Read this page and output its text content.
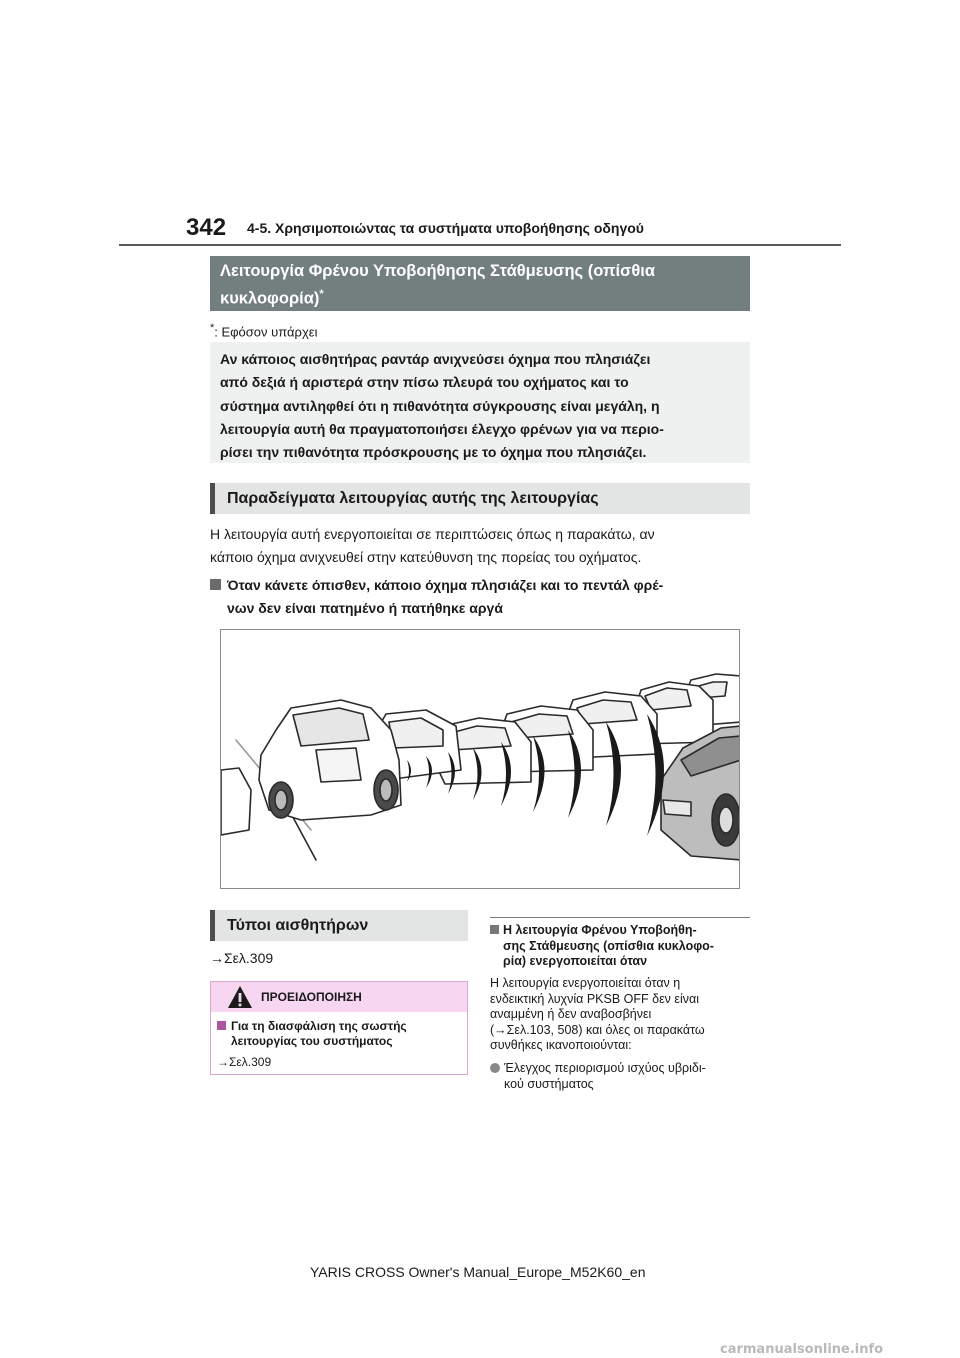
342 4-5. Χρησιμοποιώντας τα συστήματα υποβοήθησης οδηγού
Λειτουργία Φρένου Υποβοήθησης Στάθμευσης (οπίσθια
κυκλοφορία)*
*: Εφόσον υπάρχει
Αν κάποιος αισθητήρας ραντάρ ανιχνεύσει όχημα που πλησιάζει
από δεξιά ή αριστερά στην πίσω πλευρά του οχήματος και το
σύστημα αντιληφθεί ότι η πιθανότητα σύγκρουσης είναι μεγάλη, η
λειτουργία αυτή θα πραγματοποιήσει έλεγχο φρένων για να περιο-
ρίσει την πιθανότητα πρόσκρουσης με το όχημα που πλησιάζει.
Παραδείγματα λειτουργίας αυτής της λειτουργίας
Η λειτουργία αυτή ενεργοποιείται σε περιπτώσεις όπως η παρακάτω, αν
κάποιο όχημα ανιχνευθεί στην κατεύθυνση της πορείας του οχήματος.
Όταν κάνετε όπισθεν, κάποιο όχημα πλησιάζει και το πεντάλ φρέ-
νων δεν είναι πατημένο ή πατήθηκε αργά
Τύποι αισθητήρων
→Σελ.309
ΠΡΟΕΙΔΟΠΟΙΗΣΗ
Για τη διασφάλιση της σωστής
λειτουργίας του συστήματος
→Σελ.309
Η λειτουργία Φρένου Υποβοήθη-
σης Στάθμευσης (οπίσθια κυκλοφο-
ρία) ενεργοποιείται όταν
Η λειτουργία ενεργοποιείται όταν η
ενδεικτική λυχνία PKSB OFF δεν είναι
αναμμένη ή δεν αναβοσβήνει
(→Σελ.103, 508) και όλες οι παρακάτω
συνθήκες ικανοποιούνται:
Έλεγχος περιορισμού ισχύος υβριδι-
κού συστήματος
YARIS CROSS Owner's Manual_Europe_M52K60_en
carmanualsonline.info
